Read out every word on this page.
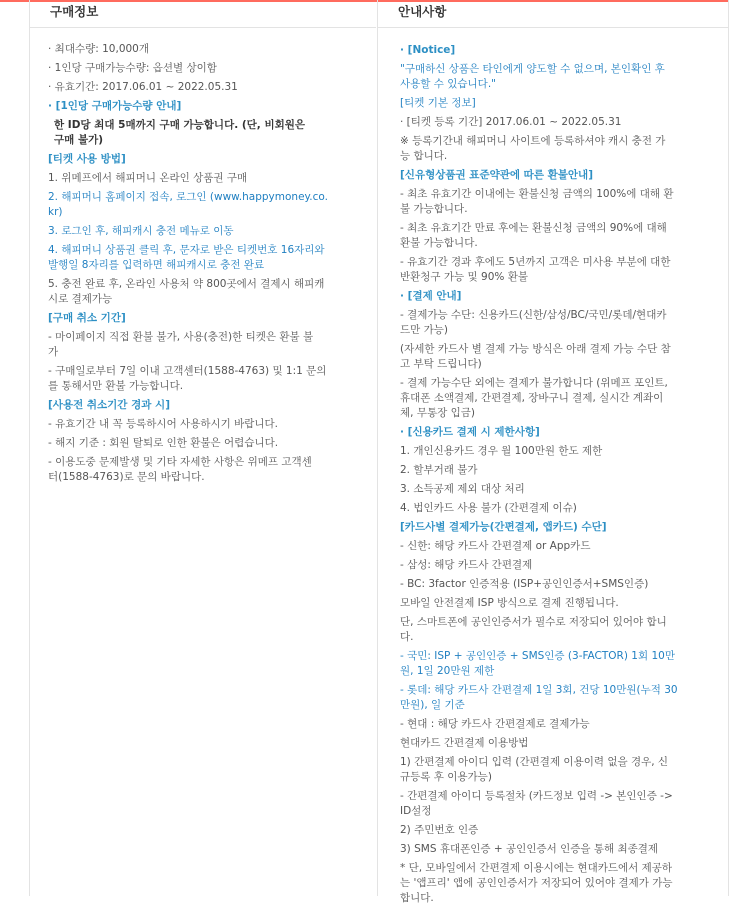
구매정보

· 최대수량: 10,000개

· 1인당 구매가능수량: 옵션별 상이함

· 유효기간: 2017.06.01 ~ 2022.05.31

· [1인당 구매가능수량 안내]

한 ID당 최대 5매까지 구매 가능합니다. (단, 비회원은

구매 불가)

[티켓 사용 방법]

1. 위메프에서 해피머니 온라인 상품권 구매

2. 해피머니 홈페이지 접속, 로그인 (www.happymoney.co.

kr)

3. 로그인 후, 해피캐시 충전 메뉴로 이동

4. 해피머니 상품권 클릭 후, 문자로 받은 티켓번호 16자리와

발행일 8자리를 입력하면 해피캐시로 충전 완료

5. 충전 완료 후, 온라인 사용처 약 800곳에서 결제시 해피캐

시로 결제가능

[구매 취소 기간]

- 마이페이지 직접 환불 불가, 사용(충전)한 티켓은 환불 불

가

- 구매일로부터 7일 이내 고객센터(1588-4763) 및 1:1 문의

를 통해서만 환불 가능합니다.

[사용전 취소기간 경과 시]

- 유효기간 내 꼭 등록하시어 사용하시기 바랍니다.

- 해지 기준 : 회원 탈퇴로 인한 환불은 어렵습니다.

- 이용도중 문제발생 및 기타 자세한 사항은 위메프 고객센

터(1588-4763)로 문의 바랍니다.

안내사항

· [Notice]

"구매하신 상품은 타인에게 양도할 수 없으며, 본인확인 후

사용할 수 있습니다."

[티켓 기본 정보]

· [티켓 등록 기간] 2017.06.01 ~ 2022.05.31

※ 등록기간내 해피머니 사이트에 등록하셔야 캐시 충전 가

능 합니다.

[신유형상품권 표준약관에 따른 환불안내]

- 최초 유효기간 이내에는 환불신청 금액의 100%에 대해 환

불 가능합니다.

- 최초 유효기간 만료 후에는 환불신청 금액의 90%에 대해

환불 가능합니다.

- 유효기간 경과 후에도 5년까지 고객은 미사용 부분에 대한

반환청구 가능 및 90% 환불

· [결제 안내]

- 결제가능 수단: 신용카드(신한/삼성/BC/국민/롯데/현대카

드만 가능)

(자세한 카드사 별 결제 가능 방식은 아래 결제 가능 수단 참

고 부탁 드립니다)

- 결제 가능수단 외에는 결제가 불가합니다 (위메프 포인트,

휴대폰 소액결제, 간편결제, 장바구니 결제, 실시간 계좌이

체, 무통장 입금)

· [신용카드 결제 시 제한사항]

1. 개인신용카드 경우 월 100만원 한도 제한

2. 할부거래 불가

3. 소득공제 제외 대상 처리

4. 법인카드 사용 불가 (간편결제 이슈)

[카드사별 결제가능(간편결제, 앱카드) 수단]

- 신한: 해당 카드사 간편결제 or App카드

- 삼성: 해당 카드사 간편결제

- BC: 3factor 인증적용 (ISP+공인인증서+SMS인증)

모바일 안전결제 ISP 방식으로 결제 진행됩니다.

단, 스마트폰에 공인인증서가 필수로 저장되어 있어야 합니

다.

- 국민: ISP + 공인인증 + SMS인증 (3-FACTOR) 1회 10만

원, 1일 20만원 제한

- 롯데: 해당 카드사 간편결제 1일 3회, 건당 10만원(누적 30

만원), 일 기준

- 현대 : 해당 카드사 간편결제로 결제가능

현대카드 간편결제 이용방법

1) 간편결제 아이디 입력 (간편결제 이용이력 없을 경우, 신

규등록 후 이용가능)

- 간편결제 아이디 등록절차 (카드정보 입력 -> 본인인증 ->

ID설정

2) 주민번호 인증

3) SMS 휴대폰인증 + 공인인증서 인증을 통해 최종결제

* 단, 모바일에서 간편결제 이용시에는 현대카드에서 제공하

는 '앱프리' 앱에 공인인증서가 저장되어 있어야 결제가 가능

합니다.
